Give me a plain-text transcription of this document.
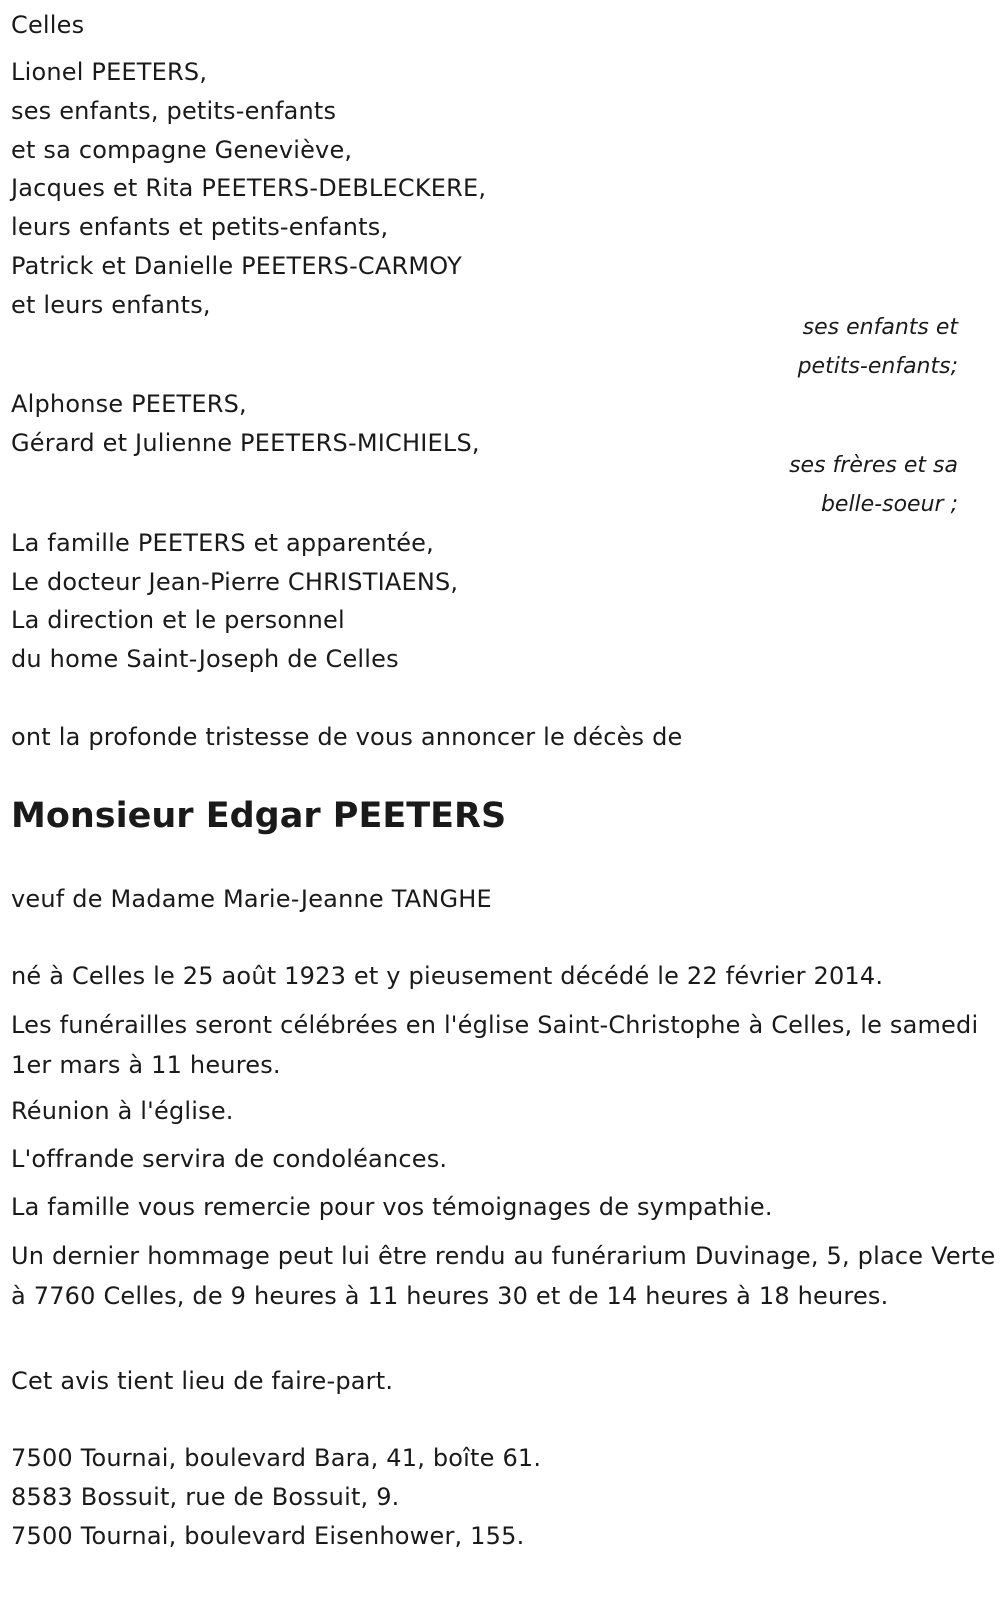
Celles
Lionel PEETERS,
ses enfants, petits-enfants
et sa compagne Geneviève,
Jacques et Rita PEETERS-DEBLECKERE,
leurs enfants et petits-enfants,
Patrick et Danielle PEETERS-CARMOY
et leurs enfants,
ses enfants et
petits-enfants;
Alphonse PEETERS,
Gérard et Julienne PEETERS-MICHIELS,
ses frères et sa
belle-soeur ;
La famille PEETERS et apparentée,
Le docteur Jean-Pierre CHRISTIAENS,
La direction et le personnel
du home Saint-Joseph de Celles
ont la profonde tristesse de vous annoncer le décès de
Monsieur Edgar PEETERS
veuf de Madame Marie-Jeanne TANGHE
né à Celles le 25 août 1923 et y pieusement décédé le 22 février 2014.
Les funérailles seront célébrées en l'église Saint-Christophe à Celles, le samedi 1er mars à 11 heures.
Réunion à l'église.
L'offrande servira de condoléances.
La famille vous remercie pour vos témoignages de sympathie.
Un dernier hommage peut lui être rendu au funérarium Duvinage, 5, place Verte à 7760 Celles, de 9 heures à 11 heures 30 et de 14 heures à 18 heures.
Cet avis tient lieu de faire-part.
7500 Tournai, boulevard Bara, 41, boîte 61.
8583 Bossuit, rue de Bossuit, 9.
7500 Tournai, boulevard Eisenhower, 155.
